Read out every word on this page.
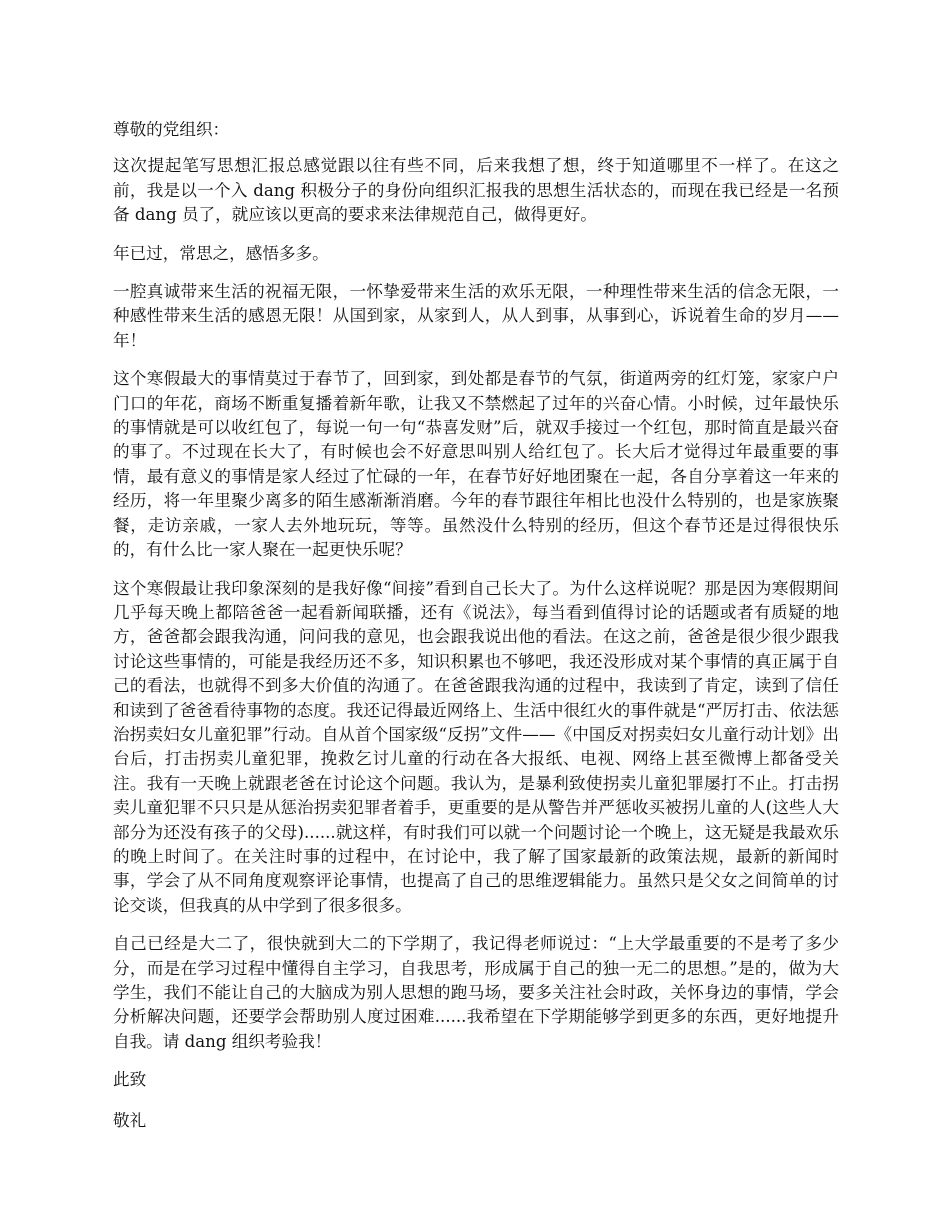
尊敬的党组织：

这次提起笔写思想汇报总感觉跟以往有些不同，后来我想了想，终于知道哪里不一样了。在这之前，我是以一个入 dang 积极分子的身份向组织汇报我的思想生活状态的，而现在我已经是一名预备 dang 员了，就应该以更高的要求来法律规范自己，做得更好。

年已过，常思之，感悟多多。

一腔真诚带来生活的祝福无限，一怀挚爱带来生活的欢乐无限，一种理性带来生活的信念无限，一种感性带来生活的感恩无限！从国到家，从家到人，从人到事，从事到心，诉说着生命的岁月——年！

这个寒假最大的事情莫过于春节了，回到家，到处都是春节的气氛，街道两旁的红灯笼，家家户户门口的年花，商场不断重复播着新年歌，让我又不禁燃起了过年的兴奋心情。小时候，过年最快乐的事情就是可以收红包了，每说一句一句“恭喜发财”后，就双手接过一个红包，那时简直是最兴奋的事了。不过现在长大了，有时候也会不好意思叫别人给红包了。长大后才觉得过年最重要的事情，最有意义的事情是家人经过了忙碌的一年，在春节好好地团聚在一起，各自分享着这一年来的经历，将一年里聚少离多的陌生感渐渐消磨。今年的春节跟往年相比也没什么特别的，也是家族聚餐，走访亲戚，一家人去外地玩玩，等等。虽然没什么特别的经历，但这个春节还是过得很快乐的，有什么比一家人聚在一起更快乐呢？

这个寒假最让我印象深刻的是我好像“间接”看到自己长大了。为什么这样说呢？那是因为寒假期间几乎每天晚上都陪爸爸一起看新闻联播，还有《说法》，每当看到值得讨论的话题或者有质疑的地方，爸爸都会跟我沟通，问问我的意见，也会跟我说出他的看法。在这之前，爸爸是很少很少跟我讨论这些事情的，可能是我经历还不多，知识积累也不够吧，我还没形成对某个事情的真正属于自己的看法，也就得不到多大价值的沟通了。在爸爸跟我沟通的过程中，我读到了肯定，读到了信任和读到了爸爸看待事物的态度。我还记得最近网络上、生活中很红火的事件就是“严厉打击、依法惩治拐卖妇女儿童犯罪”行动。自从首个国家级“反拐”文件——《中国反对拐卖妇女儿童行动计划》出台后，打击拐卖儿童犯罪，挽救乞讨儿童的行动在各大报纸、电视、网络上甚至微博上都备受关注。我有一天晚上就跟老爸在讨论这个问题。我认为，是暴利致使拐卖儿童犯罪屡打不止。打击拐卖儿童犯罪不只只是从惩治拐卖犯罪者着手，更重要的是从警告并严惩收买被拐儿童的人(这些人大部分为还没有孩子的父母)......就这样，有时我们可以就一个问题讨论一个晚上，这无疑是我最欢乐的晚上时间了。在关注时事的过程中，在讨论中，我了解了国家最新的政策法规，最新的新闻时事，学会了从不同角度观察评论事情，也提高了自己的思维逻辑能力。虽然只是父女之间简单的讨论交谈，但我真的从中学到了很多很多。

自己已经是大二了，很快就到大二的下学期了，我记得老师说过：“上大学最重要的不是考了多少分，而是在学习过程中懂得自主学习，自我思考，形成属于自己的独一无二的思想。”是的，做为大学生，我们不能让自己的大脑成为别人思想的跑马场，要多关注社会时政，关怀身边的事情，学会分析解决问题，还要学会帮助别人度过困难......我希望在下学期能够学到更多的东西，更好地提升自我。请 dang 组织考验我！

此致

敬礼
